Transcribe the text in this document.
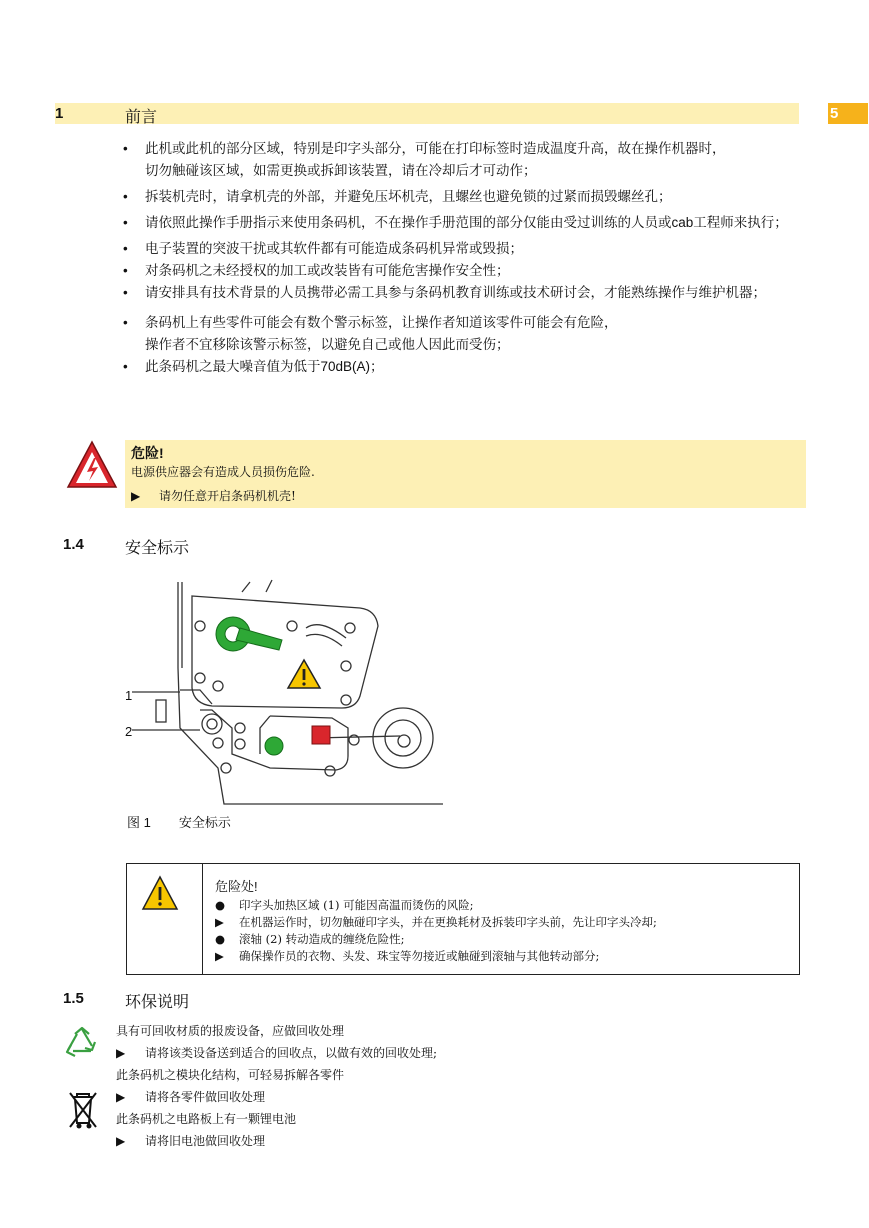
1	前言	5
• 此机或此机的部分区域，特别是印字头部分，可能在打印标签时造成温度升高，故在操作机器时，
切勿触碰该区域，如需更换或拆卸该装置，请在冷却后才可动作；
• 拆装机壳时，请拿机壳的外部，并避免压坏机壳，且螺丝也避免锁的过紧而损毁螺丝孔；
• 请依照此操作手册指示来使用条码机，不在操作手册范围的部分仅能由受过训练的人员或cab工程师来执行；
• 电子装置的突波干扰或其软件都有可能造成条码机异常或毁损；
• 对条码机之未经授权的加工或改装皆有可能危害操作安全性；
• 请安排具有技术背景的人员携带必需工具参与条码机教育训练或技术研讨会，才能熟练操作与维护机器；
• 条码机上有些零件可能会有数个警示标签，让操作者知道该零件可能会有危险，
操作者不宜移除该警示标签，以避免自己或他人因此而受伤；
• 此条码机之最大噪音值为低于70dB(A)；
危险!
电源供应器会有造成人员损伤危险.
▶ 请勿任意开启条码机机壳!
1.4	安全标示
1
2
图 1 安全标示
危险处!
● 印字头加热区域 (1) 可能因高温而烫伤的风险;
▶ 在机器运作时，切勿触碰印字头，并在更换耗材及拆装印字头前，先让印字头冷却;
● 滚轴 (2) 转动造成的缠绕危险性;
▶ 确保操作员的衣物、头发、珠宝等勿接近或触碰到滚轴与其他转动部分;
1.5	环保说明
具有可回收材质的报废设备，应做回收处理
▶ 请将该类设备送到适合的回收点，以做有效的回收处理;
此条码机之模块化结构，可轻易拆解各零件
▶ 请将各零件做回收处理
此条码机之电路板上有一颗锂电池
▶ 请将旧电池做回收处理
